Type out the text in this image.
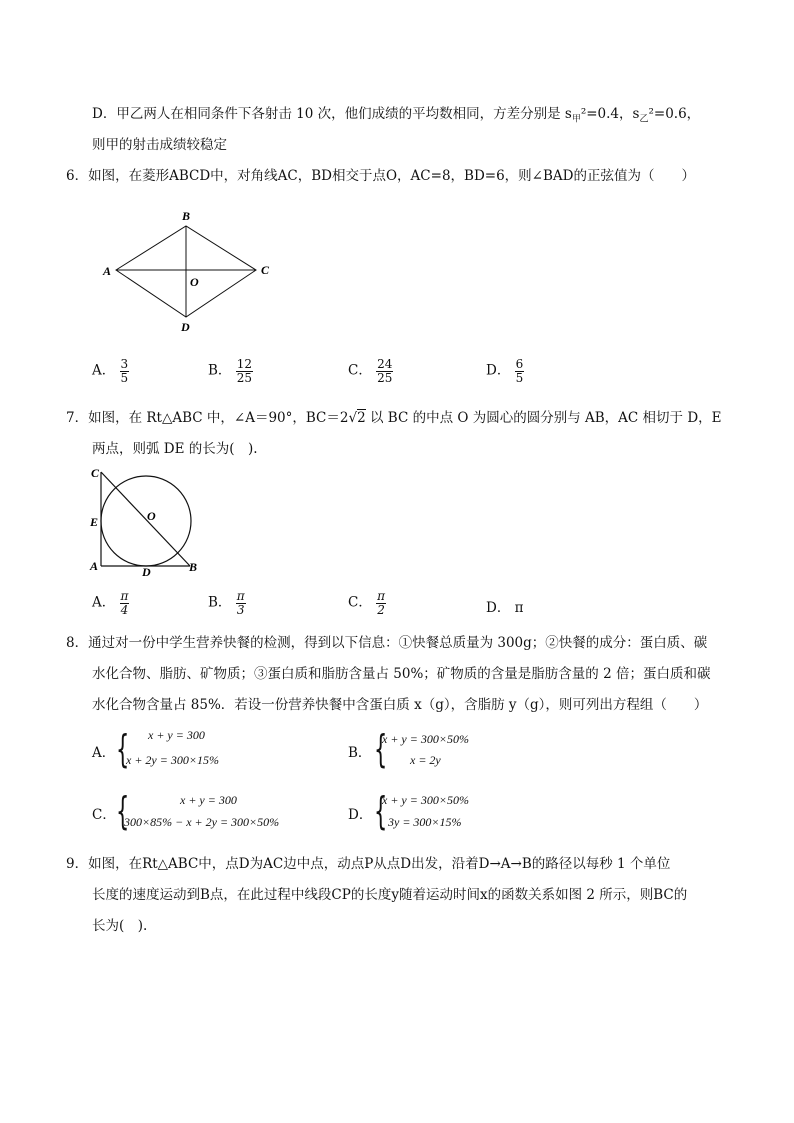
D．甲乙两人在相同条件下各射击 10 次，他们成绩的平均数相同，方差分别是 $s_甲^2=0.4$，$s_乙^2=0.6$，
则甲的射击成绩较稳定
6．如图，在菱形ABCD中，对角线AC，BD相交于点O，AC=8，BD=6，则∠BAD的正弦值为（　　）
A
B
C
D
O
A． $\frac{3}{5}$	B． $\frac{12}{25}$	C． $\frac{24}{25}$	D． $\frac{6}{5}$
7．如图，在 Rt△ABC 中，∠A＝90°，BC＝2√2 以 BC 的中点 O 为圆心的圆分别与 AB，AC 相切于 D，E
两点，则弧 DE 的长为(　).
C
E	O
A	D	B
A． $\frac{\pi}{4}$	B． $\frac{\pi}{3}$	C． $\frac{\pi}{2}$	D． π
8．通过对一份中学生营养快餐的检测，得到以下信息：①快餐总质量为 300g；②快餐的成分：蛋白质、碳
水化合物、脂肪、矿物质；③蛋白质和脂肪含量占 50%；矿物质的含量是脂肪含量的 2 倍；蛋白质和碳
水化合物含量占 85%．若设一份营养快餐中含蛋白质 x（g），含脂肪 y（g），则可列出方程组（　　）
A． { x + y = 300
x + 2y = 300×15%	B． {
x + y = 300×50%
x = 2y
C． {	x + y = 300
300×85% − x + 2y = 300×50%	D． {
x + y = 300×50%
3y = 300×15%
9．如图，在Rt△ABC中，点D为AC边中点，动点P从点D出发，沿着D→A→B的路径以每秒 1 个单位
长度的速度运动到B点，在此过程中线段CP的长度y随着运动时间x的函数关系如图 2 所示，则BC的
长为(　).
